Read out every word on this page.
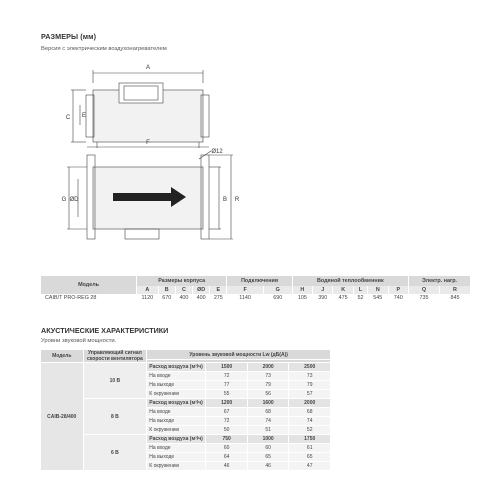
РАЗМЕРЫ (мм)
Версия с электрическим воздухонагревателем
A
C E
F
Ø12
G ØD	B R
Модель	Размеры корпуса					Подключения		Водяной теплообменник						Электр. нагр.	
	A	B	C	ØD	E	F	G	H	J	K	L	N	P	Q	R
CAIB/T PRO-REG 28	1120	670	400	400	275	1140	690	105	390	475	52	545	740	735	845
АКУСТИЧЕСКИЕ ХАРАКТЕРИСТИКИ
Уровни звуковой мощности.
Модель	Управляющий сигнал скорости вентилятора	Уровень звуковой мощности Lw (дБ(А))			

CAIB-28/400	10 В	Расход воздуха (м³/ч)	1500	2000	2500
		На входе	72	73	73
		На выходе	77	79	79
		К окружению	55	56	57
	8 В	Расход воздуха (м³/ч)	1200	1600	2000
		На входе	67	68	68
		На выходе	72	74	74
		К окружению	50	51	52
	6 В	Расход воздуха (м³/ч)	750	1000	1750
		На входе	60	60	61
		На выходе	64	65	65
		К окружению	46	46	47
